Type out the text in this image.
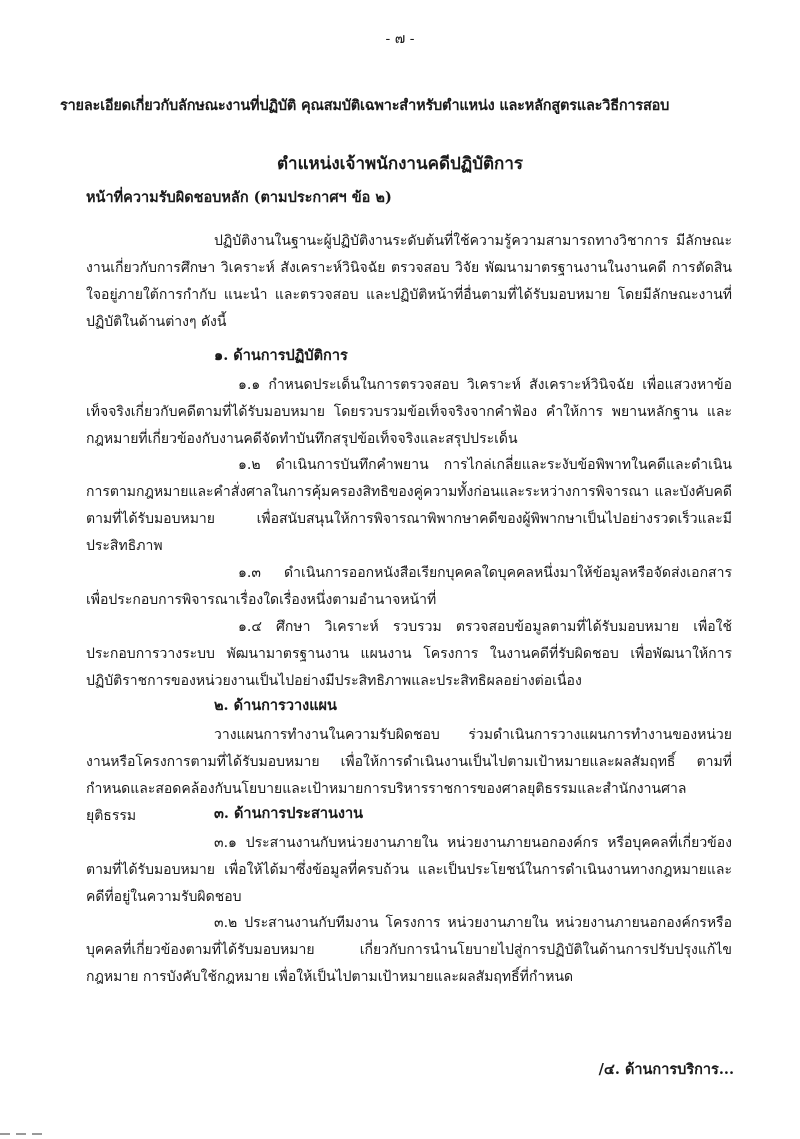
- ๗ -
รายละเอียดเกี่ยวกับลักษณะงานที่ปฏิบัติ คุณสมบัติเฉพาะสำหรับตำแหน่ง และหลักสูตรและวิธีการสอบ
ตำแหน่งเจ้าพนักงานคดีปฏิบัติการ
หน้าที่ความรับผิดชอบหลัก (ตามประกาศฯ ข้อ ๒)
ปฏิบัติงานในฐานะผู้ปฏิบัติงานระดับต้นที่ใช้ความรู้ความสามารถทางวิชาการ มีลักษณะงานเกี่ยวกับการศึกษา วิเคราะห์ สังเคราะห์วินิจฉัย ตรวจสอบ วิจัย พัฒนามาตรฐานงานในงานคดี การตัดสินใจอยู่ภายใต้การกำกับ แนะนำ และตรวจสอบ และปฏิบัติหน้าที่อื่นตามที่ได้รับมอบหมาย โดยมีลักษณะงานที่ปฏิบัติในด้านต่างๆ ดังนี้
๑. ด้านการปฏิบัติการ
๑.๑ กำหนดประเด็นในการตรวจสอบ วิเคราะห์ สังเคราะห์วินิจฉัย เพื่อแสวงหาข้อเท็จจริงเกี่ยวกับคดีตามที่ได้รับมอบหมาย โดยรวบรวมข้อเท็จจริงจากคำฟ้อง คำให้การ พยานหลักฐาน และกฎหมายที่เกี่ยวข้องกับงานคดีจัดทำบันทึกสรุปข้อเท็จจริงและสรุปประเด็น
๑.๒ ดำเนินการบันทึกคำพยาน การไกล่เกลี่ยและระงับข้อพิพาทในคดีและดำเนินการตามกฎหมายและคำสั่งศาลในการคุ้มครองสิทธิของคู่ความทั้งก่อนและระหว่างการพิจารณา และบังคับคดีตามที่ได้รับมอบหมาย เพื่อสนับสนุนให้การพิจารณาพิพากษาคดีของผู้พิพากษาเป็นไปอย่างรวดเร็วและมีประสิทธิภาพ
๑.๓ ดำเนินการออกหนังสือเรียกบุคคลใดบุคคลหนึ่งมาให้ข้อมูลหรือจัดส่งเอกสารเพื่อประกอบการพิจารณาเรื่องใดเรื่องหนึ่งตามอำนาจหน้าที่
๑.๔ ศึกษา วิเคราะห์ รวบรวม ตรวจสอบข้อมูลตามที่ได้รับมอบหมาย เพื่อใช้ประกอบการวางระบบ พัฒนามาตรฐานงาน แผนงาน โครงการ ในงานคดีที่รับผิดชอบ เพื่อพัฒนาให้การปฏิบัติราชการของหน่วยงานเป็นไปอย่างมีประสิทธิภาพและประสิทธิผลอย่างต่อเนื่อง
๒. ด้านการวางแผน
วางแผนการทำงานในความรับผิดชอบ ร่วมดำเนินการวางแผนการทำงานของหน่วยงานหรือโครงการตามที่ได้รับมอบหมาย เพื่อให้การดำเนินงานเป็นไปตามเป้าหมายและผลสัมฤทธิ์ ตามที่กำหนดและสอดคล้องกับนโยบายและเป้าหมายการบริหารราชการของศาลยุติธรรมและสำนักงานศาลยุติธรรม	๓. ด้านการประสานงาน
๓.๑ ประสานงานกับหน่วยงานภายใน หน่วยงานภายนอกองค์กร หรือบุคคลที่เกี่ยวข้องตามที่ได้รับมอบหมาย เพื่อให้ได้มาซึ่งข้อมูลที่ครบถ้วน และเป็นประโยชน์ในการดำเนินงานทางกฎหมายและคดีที่อยู่ในความรับผิดชอบ
๓.๒ ประสานงานกับทีมงาน โครงการ หน่วยงานภายใน หน่วยงานภายนอกองค์กรหรือบุคคลที่เกี่ยวข้องตามที่ได้รับมอบหมาย เกี่ยวกับการนำนโยบายไปสู่การปฏิบัติในด้านการปรับปรุงแก้ไขกฎหมาย การบังคับใช้กฎหมาย เพื่อให้เป็นไปตามเป้าหมายและผลสัมฤทธิ์ที่กำหนด
/๔. ด้านการบริการ...
